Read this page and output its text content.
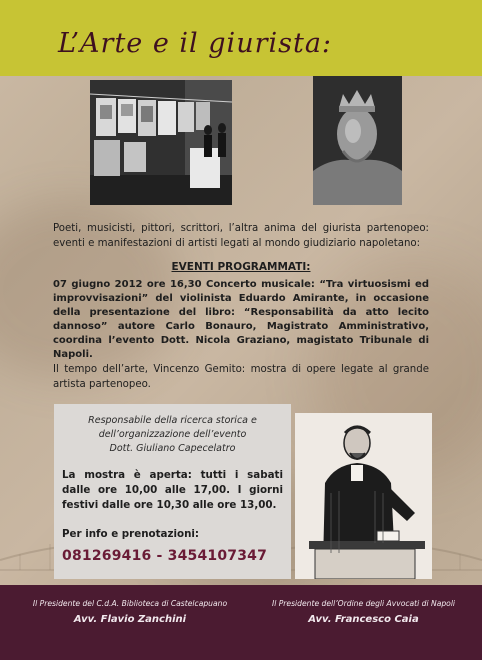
L’Arte e il giurista:
Poeti, musicisti, pittori, scrittori, l’altra anima del giurista partenopeo: eventi e manifestazioni di artisti legati al mondo giudiziario napoletano:
EVENTI PROGRAMMATI:
07 giugno 2012 ore 16,30 Concerto musicale: “Tra virtuosismi ed improvvisazioni” del violinista Eduardo Amirante, in occasione della presentazione del libro: “Responsabilità da atto lecito dannoso” autore Carlo Bonauro, Magistrato Amministrativo, coordina l’evento Dott. Nicola Graziano, magistato Tribunale di Napoli.
Il tempo dell’arte, Vincenzo Gemito: mostra di opere legate al grande artista partenopeo.
Responsabile della ricerca storica e
dell’organizzazione dell’evento
Dott. Giuliano Capecelatro
La mostra è aperta: tutti i sabati dalle ore 10,00 alle 17,00. I giorni festivi dalle ore 10,30 alle ore 13,00.
Per info e prenotazioni:
081269416 - 3454107347
Il Presidente del C.d.A. Biblioteca di Castelcapuano
Avv. Flavio Zanchini
Il Presidente dell’Ordine degli Avvocati di Napoli
Avv. Francesco Caia
